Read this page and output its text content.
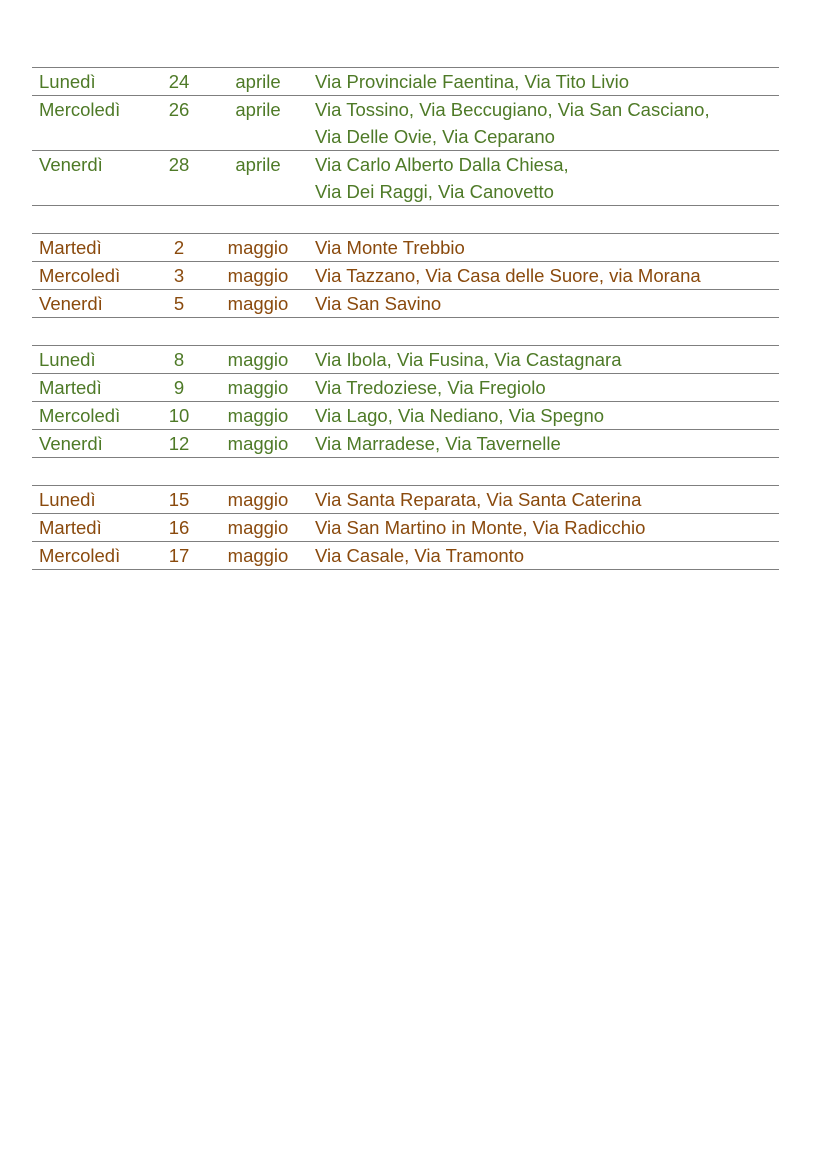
Lunedì	24	aprile	Via Provinciale Faentina, Via Tito Livio
Mercoledì	26	aprile	Via Tossino, Via Beccugiano, Via San Casciano,
Via Delle Ovie, Via Ceparano
Venerdì	28	aprile	Via Carlo Alberto Dalla Chiesa,
Via Dei Raggi, Via Canovetto
Martedì	2	maggio	Via Monte Trebbio
Mercoledì	3	maggio	Via Tazzano, Via Casa delle Suore, via Morana
Venerdì	5	maggio	Via San Savino
Lunedì	8	maggio	Via Ibola, Via Fusina, Via Castagnara
Martedì	9	maggio	Via Tredoziese, Via Fregiolo
Mercoledì	10	maggio	Via Lago, Via Nediano, Via Spegno
Venerdì	12	maggio	Via Marradese, Via Tavernelle
Lunedì	15	maggio	Via Santa Reparata, Via Santa Caterina
Martedì	16	maggio	Via San Martino in Monte, Via Radicchio
Mercoledì	17	maggio	Via Casale, Via Tramonto
